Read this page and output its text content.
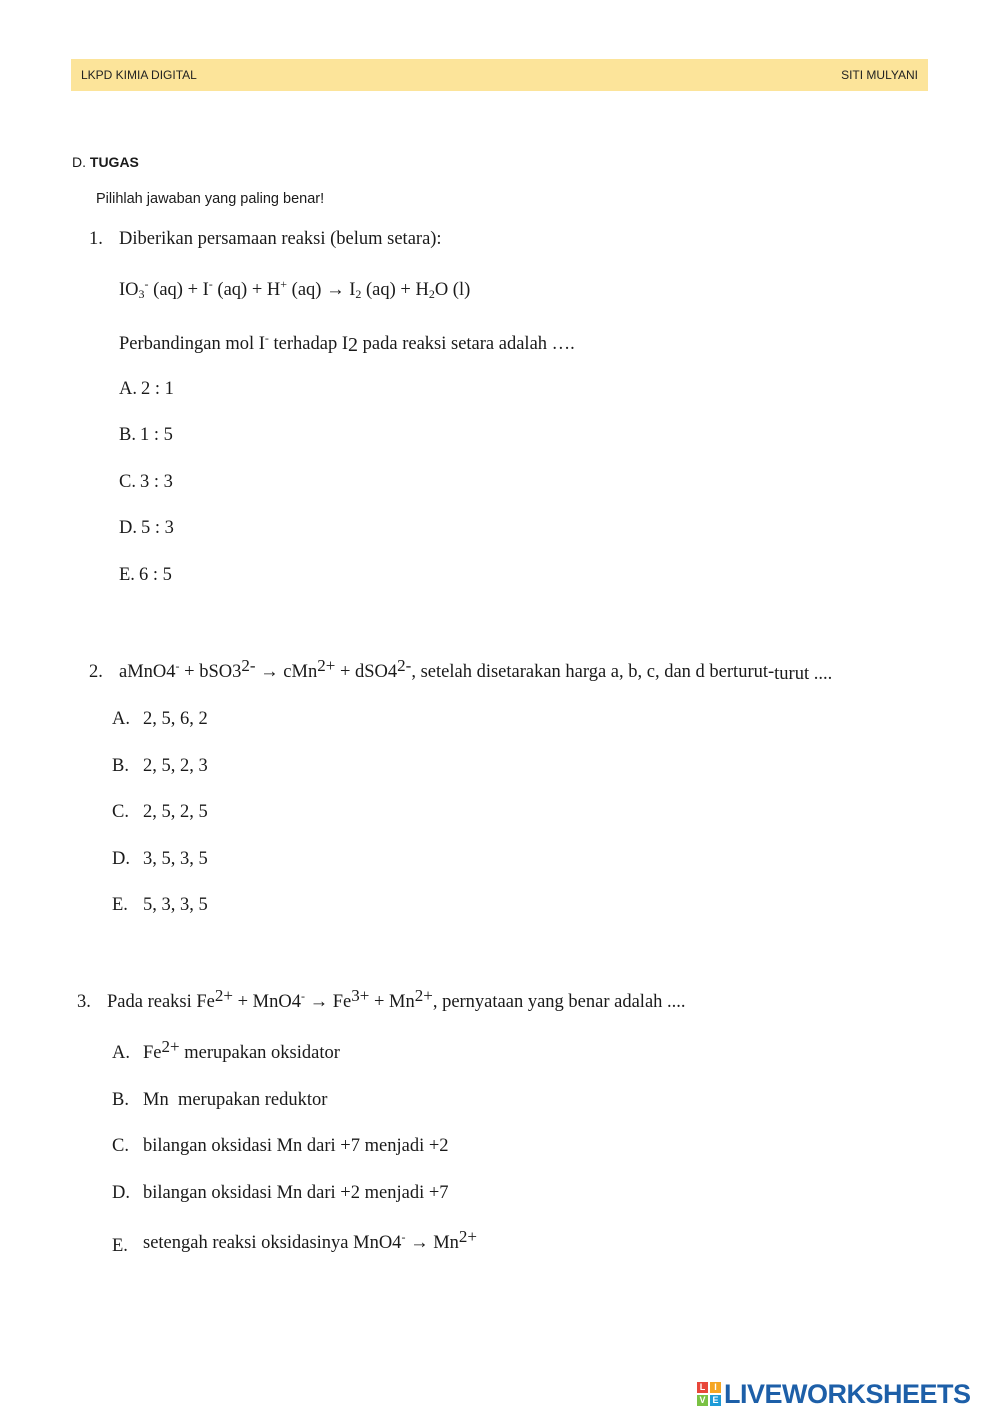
LKPD KIMIA DIGITAL	SITI MULYANI
D. TUGAS
Pilihlah jawaban yang paling benar!
1. Diberikan persamaan reaksi (belum setara):
$IO_3^-$ (aq) + I- (aq) + H+ $(aq) \to I_2$ $(aq) + H_2O$ (l)
Perbandingan mol I- terhadap I2 pada reaksi setara adalah ….
A. 2 : 1
B. 1 : 5
C. 3 : 3
D. 5 : 3
E. 6 : 5
2. aMnO4- + $bSO3^{2-} \to cMn^{2+} + dSO4^{2-}$, setelah disetarakan harga a, b, c, dan d berturut-turut ....
A. 2, 5, 6, 2
B. 2, 5, 2, 3
C. 2, 5, 2, 5
D. 3, 5, 3, 5
E. 5, 3, 3, 5
3. Pada reaksi $Fe^{2+} + MnO4^- \to Fe^{3+} + Mn^{2+}$, pernyataan yang benar adalah ....
A. $Fe^{2+}$ merupakan oksidator
B. Mn  merupakan reduktor
C. bilangan oksidasi Mn dari +7 menjadi +2
D. bilangan oksidasi Mn dari +2 menjadi +7
E. setengah reaksi oksidasinya $MnO4^- \to Mn^{2+}$
L I
V E LIVEWORKSHEETS
